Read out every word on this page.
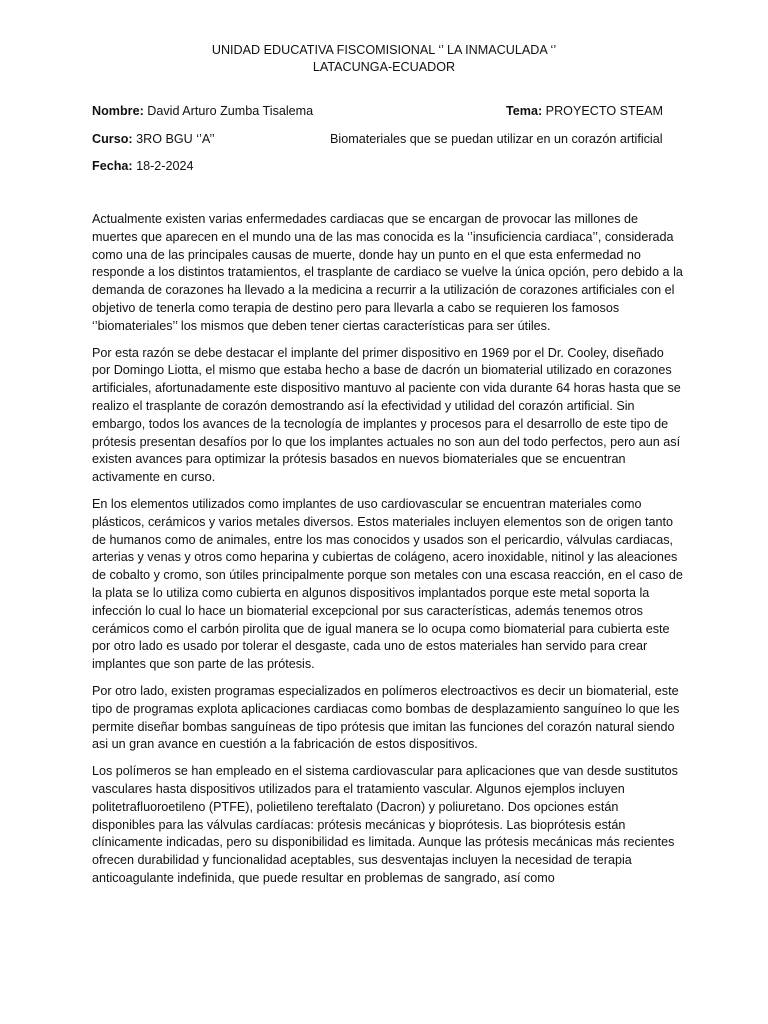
UNIDAD EDUCATIVA FISCOMISIONAL ‘’ LA INMACULADA ‘’
LATACUNGA-ECUADOR
Nombre: David Arturo Zumba Tisalema	Tema: PROYECTO STEAM
Curso: 3RO BGU ‘’A’’	Biomateriales que se puedan utilizar en un corazón artificial
Fecha: 18-2-2024

Actualmente existen varias enfermedades cardiacas que se encargan de provocar las millones de muertes que aparecen en el mundo una de las mas conocida es la ‘’insuficiencia cardiaca’’, considerada como una de las principales causas de muerte, donde hay un punto en el que esta enfermedad no responde a los distintos tratamientos, el trasplante de cardiaco se vuelve la única opción, pero debido a la demanda de corazones ha llevado a la medicina a recurrir a la utilización de corazones artificiales con el objetivo de tenerla como terapia de destino pero para llevarla a cabo se requieren los famosos ‘’biomateriales’’ los mismos que deben tener ciertas características para ser útiles.

Por esta razón se debe destacar el implante del primer dispositivo en 1969 por el Dr. Cooley, diseñado por Domingo Liotta, el mismo que estaba hecho a base de dacrón un biomaterial utilizado en corazones artificiales, afortunadamente este dispositivo mantuvo al paciente con vida durante 64 horas hasta que se realizo el trasplante de corazón demostrando así la efectividad y utilidad del corazón artificial. Sin embargo, todos los avances de la tecnología de implantes y procesos para el desarrollo de este tipo de prótesis presentan desafíos por lo que los implantes actuales no son aun del todo perfectos, pero aun así existen avances para optimizar la prótesis basados en nuevos biomateriales que se encuentran activamente en curso.

En los elementos utilizados como implantes de uso cardiovascular se encuentran materiales como plásticos, cerámicos y varios metales diversos. Estos materiales incluyen elementos son de origen tanto de humanos como de animales, entre los mas conocidos y usados son el pericardio, válvulas cardiacas, arterias y venas y otros como heparina y cubiertas de colágeno, acero inoxidable, nitinol y las aleaciones de cobalto y cromo, son útiles principalmente porque son metales con una escasa reacción, en el caso de la plata se lo utiliza como cubierta en algunos dispositivos implantados porque este metal soporta la infección lo cual lo hace un biomaterial excepcional por sus características, además tenemos otros cerámicos como el carbón pirolita que de igual manera se lo ocupa como biomaterial para cubierta este por otro lado es usado por tolerar el desgaste, cada uno de estos materiales han servido para crear implantes que son parte de las prótesis.

Por otro lado, existen programas especializados en polímeros electroactivos es decir un biomaterial, este tipo de programas explota aplicaciones cardiacas como bombas de desplazamiento sanguíneo lo que les permite diseñar bombas sanguíneas de tipo prótesis que imitan las funciones del corazón natural siendo asi un gran avance en cuestión a la fabricación de estos dispositivos.

Los polímeros se han empleado en el sistema cardiovascular para aplicaciones que van desde sustitutos vasculares hasta dispositivos utilizados para el tratamiento vascular. Algunos ejemplos incluyen politetrafluoroetileno (PTFE), polietileno tereftalato (Dacron) y poliuretano. Dos opciones están disponibles para las válvulas cardíacas: prótesis mecánicas y bioprótesis. Las bioprótesis están clínicamente indicadas, pero su disponibilidad es limitada. Aunque las prótesis mecánicas más recientes ofrecen durabilidad y funcionalidad aceptables, sus desventajas incluyen la necesidad de terapia anticoagulante indefinida, que puede resultar en problemas de sangrado, así como
